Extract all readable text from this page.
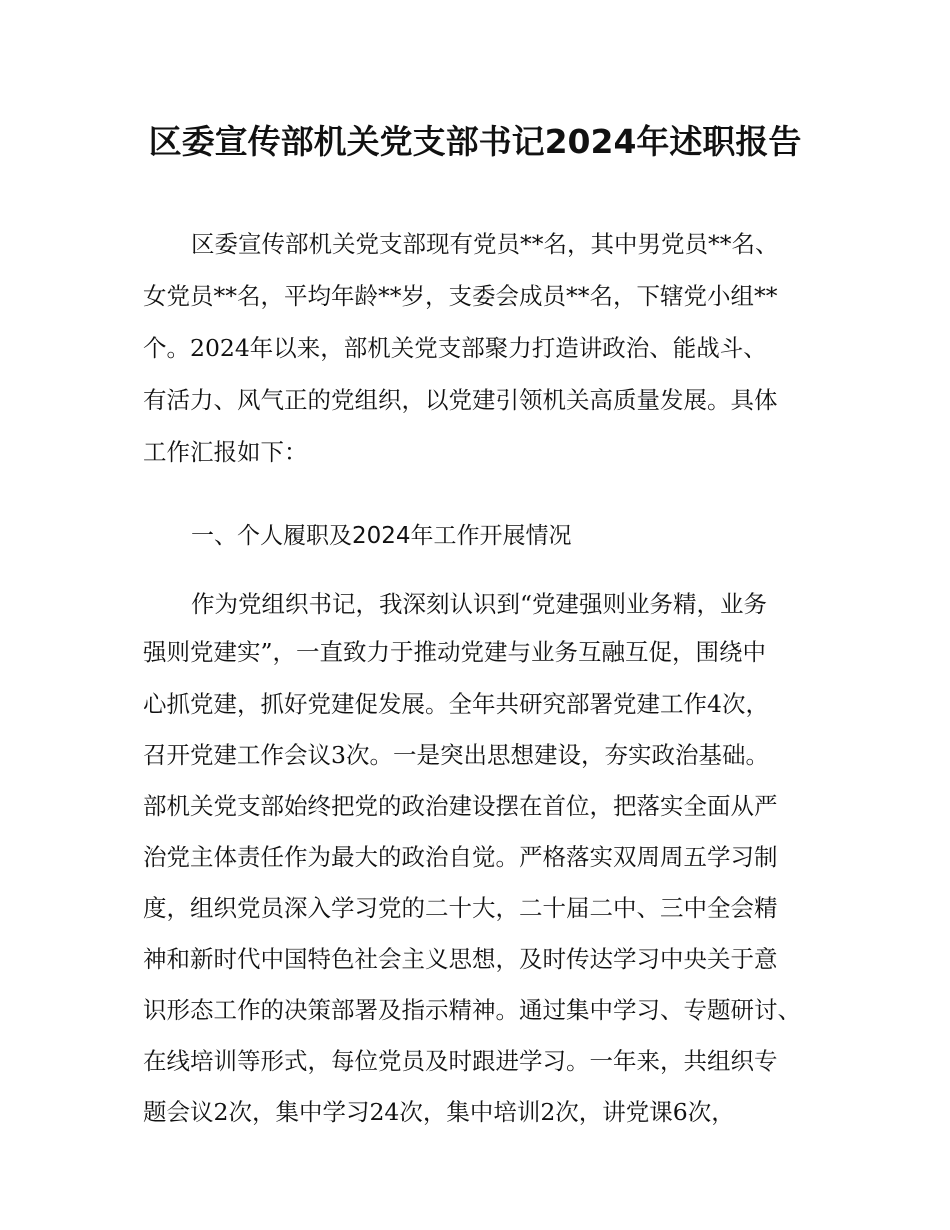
区委宣传部机关党支部书记2024年述职报告

区委宣传部机关党支部现有党员**名，其中男党员**名、

女党员**名，平均年龄**岁，支委会成员**名，下辖党小组**

个。2024年以来，部机关党支部聚力打造讲政治、能战斗、

有活力、风气正的党组织，以党建引领机关高质量发展。具体

工作汇报如下：

一、个人履职及2024年工作开展情况

作为党组织书记，我深刻认识到“党建强则业务精，业务

强则党建实”，一直致力于推动党建与业务互融互促，围绕中

心抓党建，抓好党建促发展。全年共研究部署党建工作4次，

召开党建工作会议3次。一是突出思想建设，夯实政治基础。

部机关党支部始终把党的政治建设摆在首位，把落实全面从严

治党主体责任作为最大的政治自觉。严格落实双周周五学习制

度，组织党员深入学习党的二十大，二十届二中、三中全会精

神和新时代中国特色社会主义思想，及时传达学习中央关于意

识形态工作的决策部署及指示精神。通过集中学习、专题研讨、

在线培训等形式，每位党员及时跟进学习。一年来，共组织专

题会议2次，集中学习24次，集中培训2次，讲党课6次，
